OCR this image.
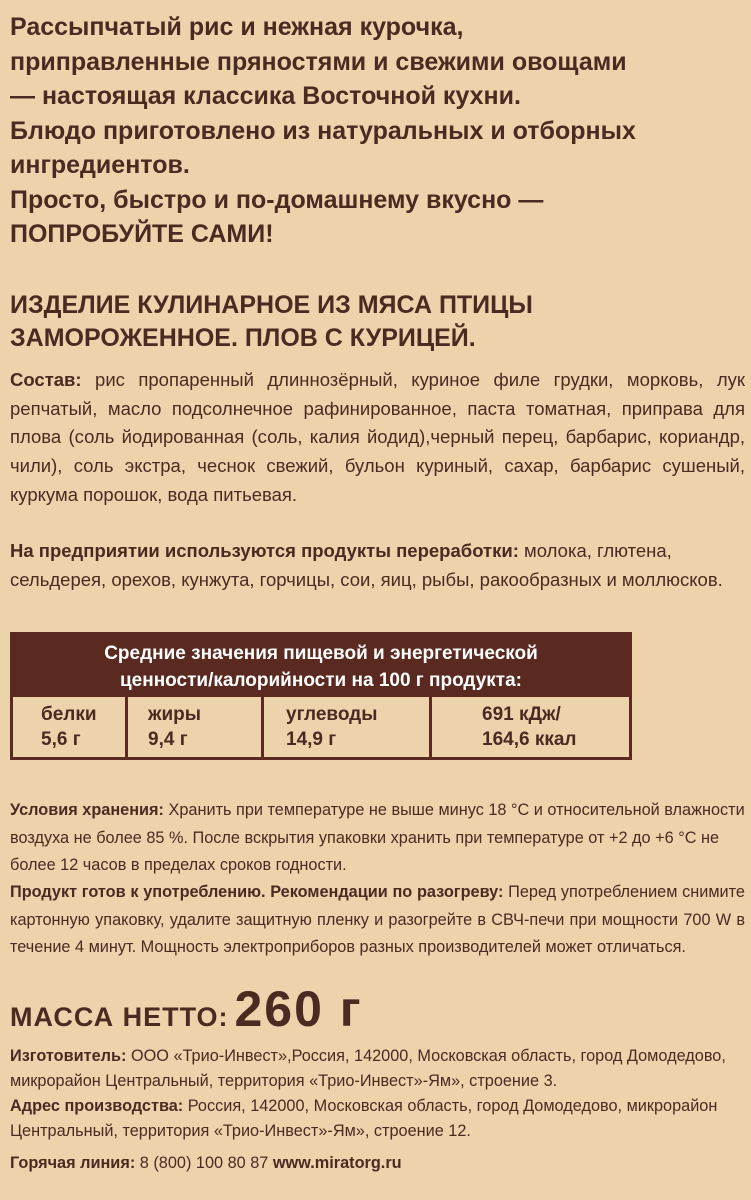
Рассыпчатый рис и нежная курочка,

приправленные пряностями и свежими овощами

— настоящая классика Восточной кухни.

Блюдо приготовлено из натуральных и отборных

ингредиентов.

Просто, быстро и по-домашнему вкусно —

ПОПРОБУЙТЕ САМИ!

ИЗДЕЛИЕ КУЛИНАРНОЕ ИЗ МЯСА ПТИЦЫ

ЗАМОРОЖЕННОЕ. ПЛОВ С КУРИЦЕЙ.

Состав: рис пропаренный длиннозёрный, куриное филе грудки, морковь, лук репчатый, масло подсолнечное рафинированное, паста томатная, приправа для плова (соль йодированная (соль, калия йодид),черный перец, барбарис, кориандр, чили), соль экстра, чеснок свежий, бульон куриный, сахар, барбарис сушеный, куркума порошок, вода питьевая.
На предприятии используются продукты переработки: молока, глютена, сельдерея, орехов, кунжута, горчицы, сои, яиц, рыбы, ракообразных и моллюсков.
Средние значения пищевой и энергетической
ценности/калорийности на 100 г продукта:
белки
5,6 г
жиры
9,4 г
углеводы
14,9 г
691 кДж/
164,6 ккал
Условия хранения: Хранить при температуре не выше минус 18 °С и относительной влажности воздуха не более 85 %. После вскрытия упаковки хранить при температуре от +2 до +6 °С не более 12 часов в пределах сроков годности.
Продукт готов к употреблению. Рекомендации по разогреву: Перед употреблением снимите картонную упаковку, удалите защитную пленку и разогрейте в СВЧ-печи при мощности 700 W в течение 4 минут. Мощность электроприборов разных производителей может отличаться.
МАССА НЕТТО: 260 г

Изготовитель: ООО «Трио-Инвест»,Россия, 142000, Московская область, город Домодедово, микрорайон Центральный, территория «Трио-Инвест»-Ям», строение 3.

Адрес производства: Россия, 142000, Московская область, город Домодедово, микрорайон Центральный, территория «Трио-Инвест»-Ям», строение 12.

Горячая линия: 8 (800) 100 80 87 www.miratorg.ru
